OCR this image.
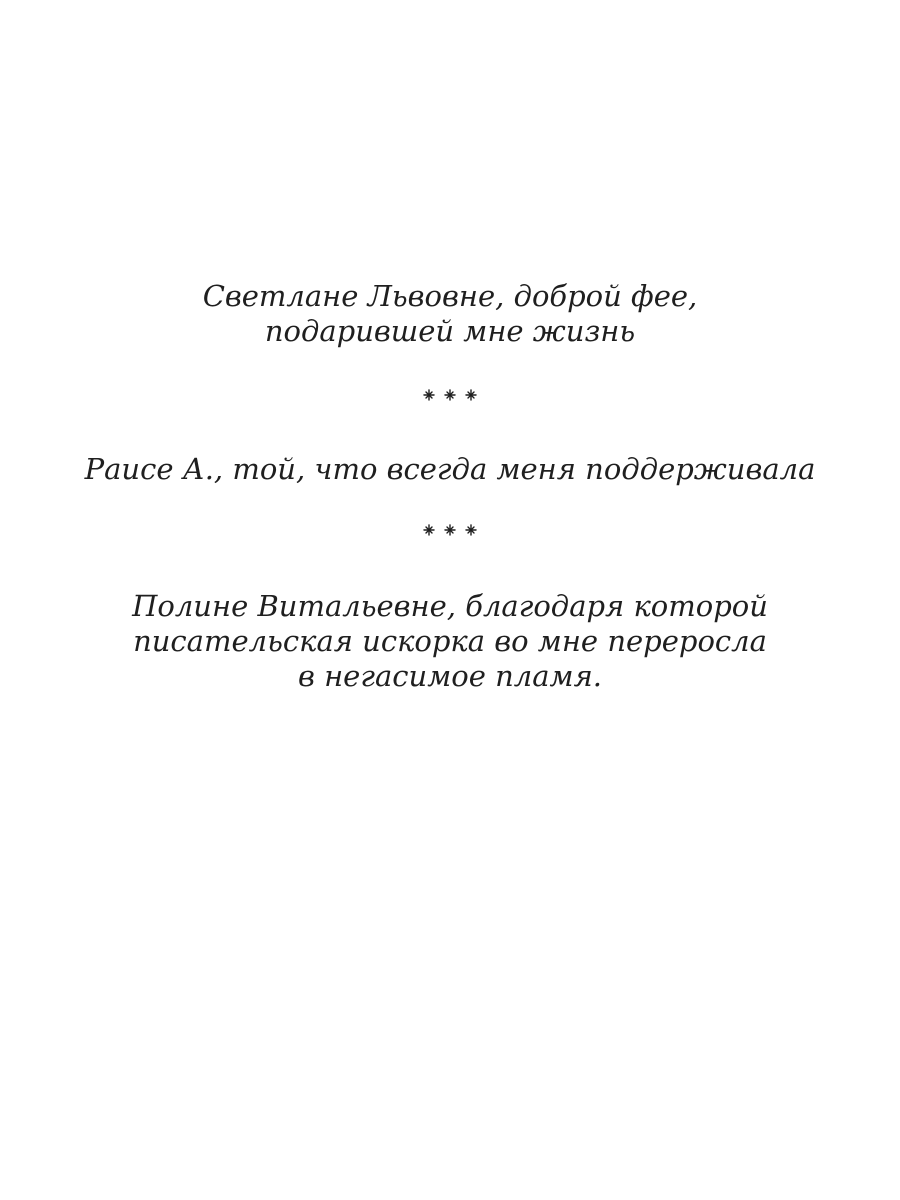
Светлане Львовне, доброй фее,
подарившей мне жизнь
Раисе А., той, что всегда меня поддерживала
Полине Витальевне, благодаря которой
писательская искорка во мне переросла
в негасимое пламя.
